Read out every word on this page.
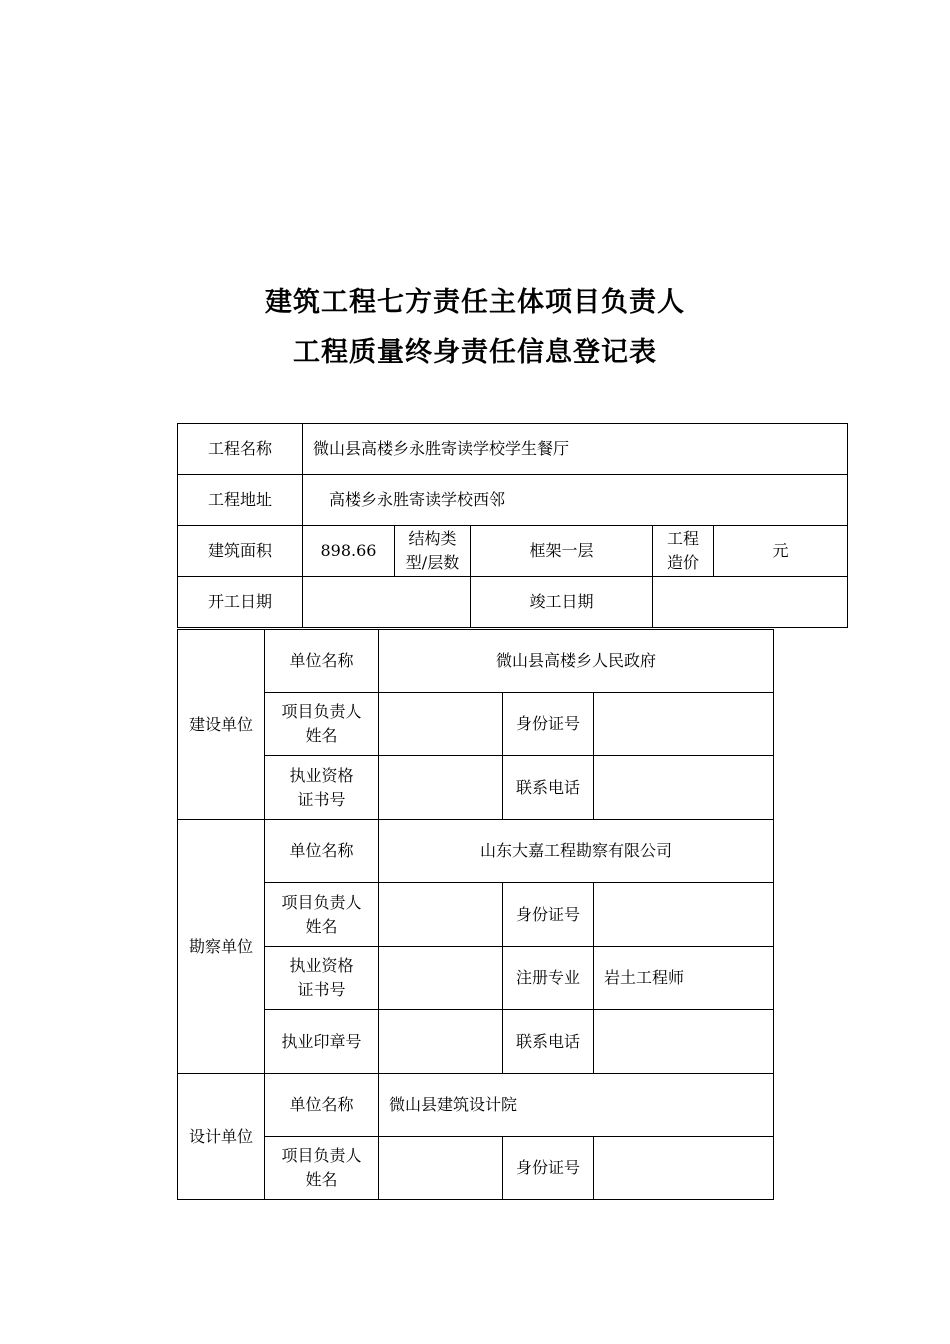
建筑工程七方责任主体项目负责人
工程质量终身责任信息登记表
工程名称	微山县高楼乡永胜寄读学校学生餐厅				
工程地址	高楼乡永胜寄读学校西邻				
建筑面积	898.66	结构类型/层数	框架一层	工程造价	元
开工日期			竣工日期		
建设单位	单位名称	微山县高楼乡人民政府		
	项目负责人姓名		身份证号	
	执业资格证书号		联系电话	
勘察单位	单位名称	山东大嘉工程勘察有限公司		
	项目负责人姓名		身份证号	
	执业资格证书号		注册专业	岩土工程师
	执业印章号		联系电话	
设计单位	单位名称	微山县建筑设计院		
	项目负责人姓名		身份证号	
